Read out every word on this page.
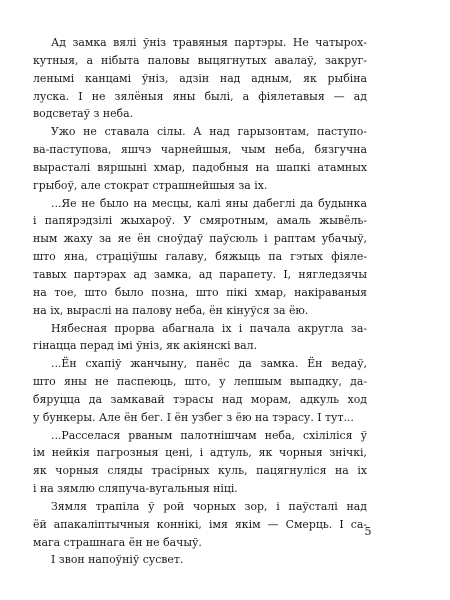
Ад замка вялі ўніз травяныя партэры. Не чатырох-
кутныя, а нібыта паловы выцягнутых авалаў, закруг-
ленымі канцамі ўніз, адзін над адным, як рыбіна
луска. І не зялёныя яны былі, а фіялетавыя — ад
водсветаў з неба.
Ужо не ставала сілы. А над гарызонтам, паступо-
ва-паступова, яшчэ чарнейшыя, чым неба, бязгучна
вырасталі вяршыні хмар, падобныя на шапкі атамных
грыбоў, але стократ страшнейшыя за іх.
...Яе не было на месцы, калі яны дабеглі да будынка
і папярэдзілі жыхароў. У смяротным, амаль жывёль-
ным жаху за яе ён сноўдаў паўсюль і раптам убачыў,
што яна, страціўшы галаву, бяжыць па гэтых фіяле-
тавых партэрах ад замка, ад парапету. І, нягледзячы
на тое, што было позна, што пікі хмар, накіраваныя
на іх, выраслі на палову неба, ён кінуўся за ёю.
Нябесная прорва абагнала іх і пачала акругла за-
гінацца перад імі ўніз, як акіянскі вал.
...Ён схапіў жанчыну, панёс да замка. Ён ведаў,
што яны не паспеюць, што, у лепшым выпадку, да-
бяруцца да замкавай тэрасы над морам, адкуль ход
у бункеры. Але ён бег. І ён узбег з ёю на тэрасу. І тут...
...Расселася рваным палотнішчам неба, схіліліся ў
ім нейкія пагрозныя цені, і адтуль, як чорныя знічкі,
як чорныя сляды трасірных куль, пацягнуліся на іх
і на зямлю сляпуча-вугальныя ніці.
Зямля трапіла ў рой чорных зор, і паўсталі над
ёй апакаліптычныя коннікі, імя якім — Смерць. І са-
мага страшнага ён не бачыў.
І звон напоўніў сусвет.
5
